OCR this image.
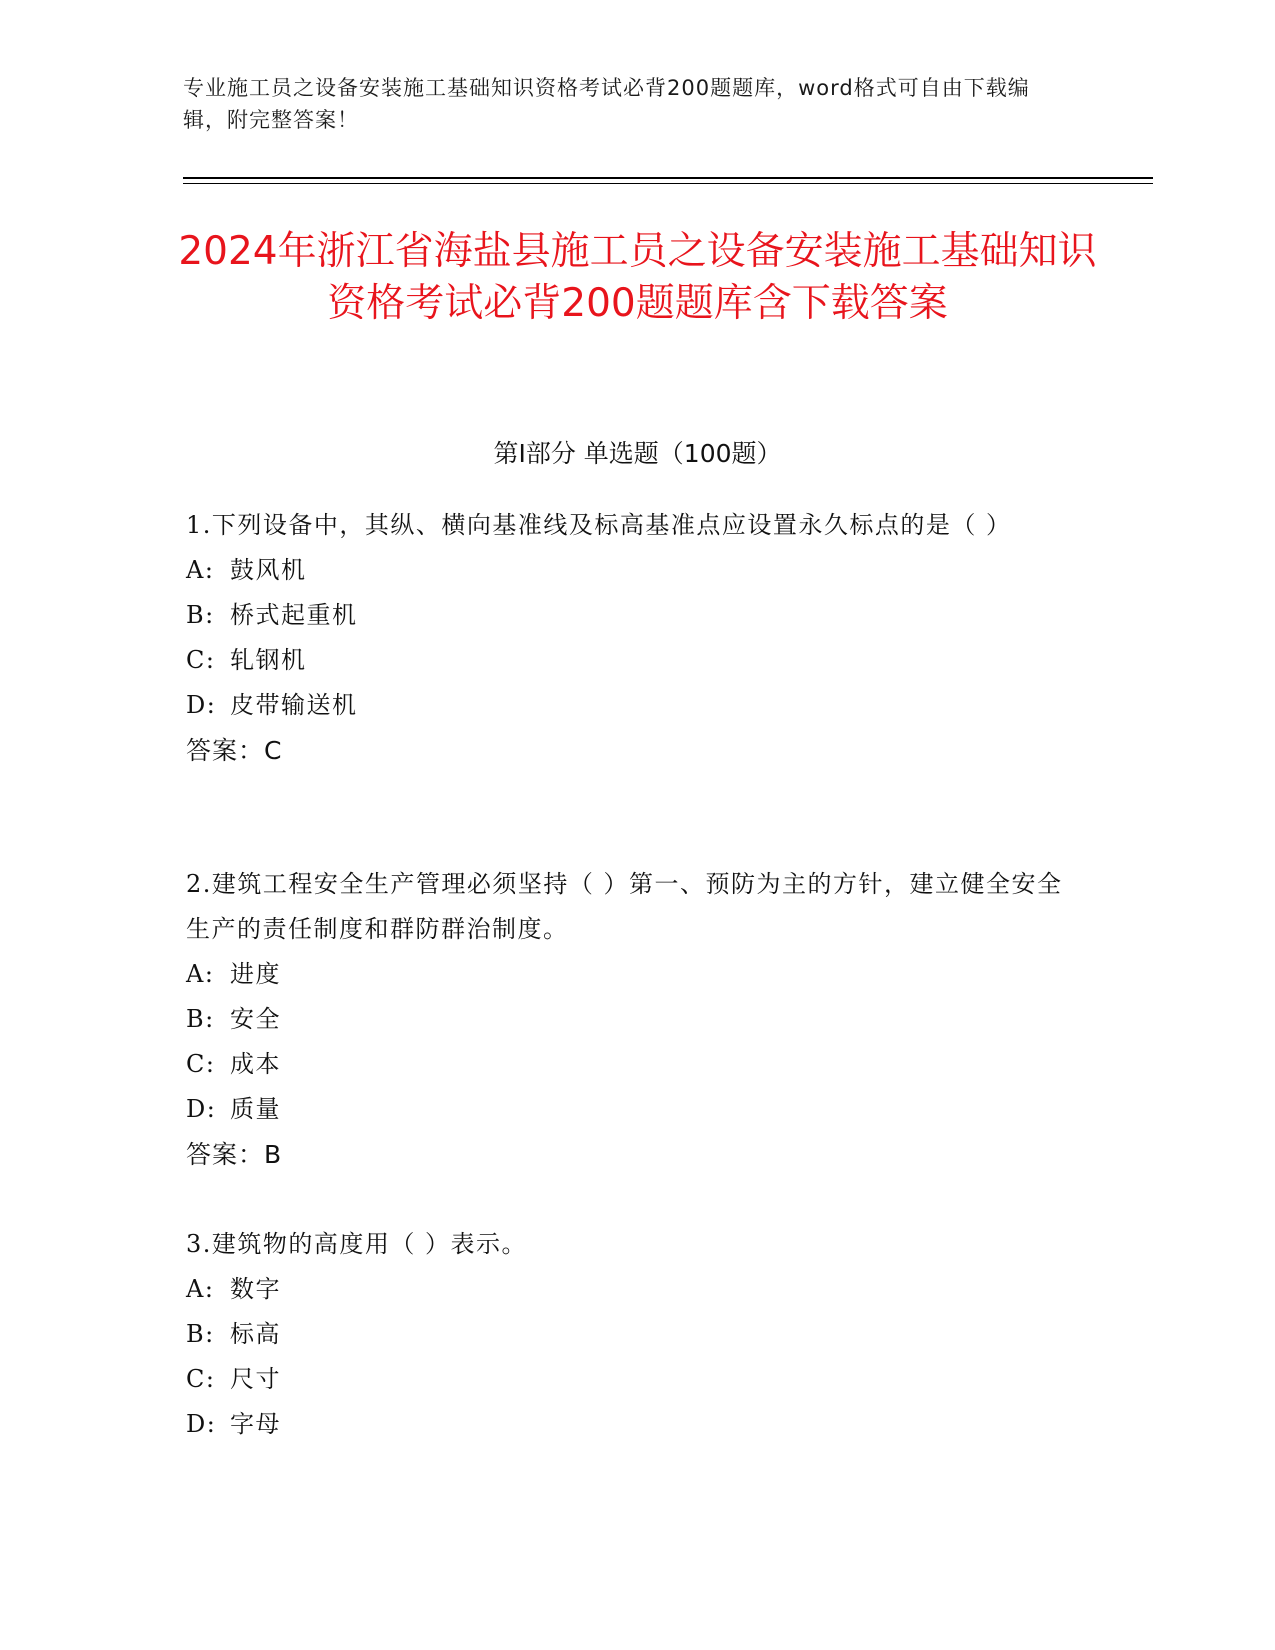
专业施工员之设备安装施工基础知识资格考试必背200题题库，word格式可自由下载编辑，附完整答案！
2024年浙江省海盐县施工员之设备安装施工基础知识资格考试必背200题题库含下载答案
第I部分 单选题（100题）

1.下列设备中，其纵、横向基准线及标高基准点应设置永久标点的是（ ）

A: 鼓风机

B: 桥式起重机

C: 轧钢机

D: 皮带输送机

答案：C

2.建筑工程安全生产管理必须坚持（ ）第一、预防为主的方针，建立健全安全生产的责任制度和群防群治制度。

A: 进度

B: 安全

C: 成本

D: 质量

答案：B

3.建筑物的高度用（ ）表示。

A: 数字

B: 标高

C: 尺寸

D: 字母
